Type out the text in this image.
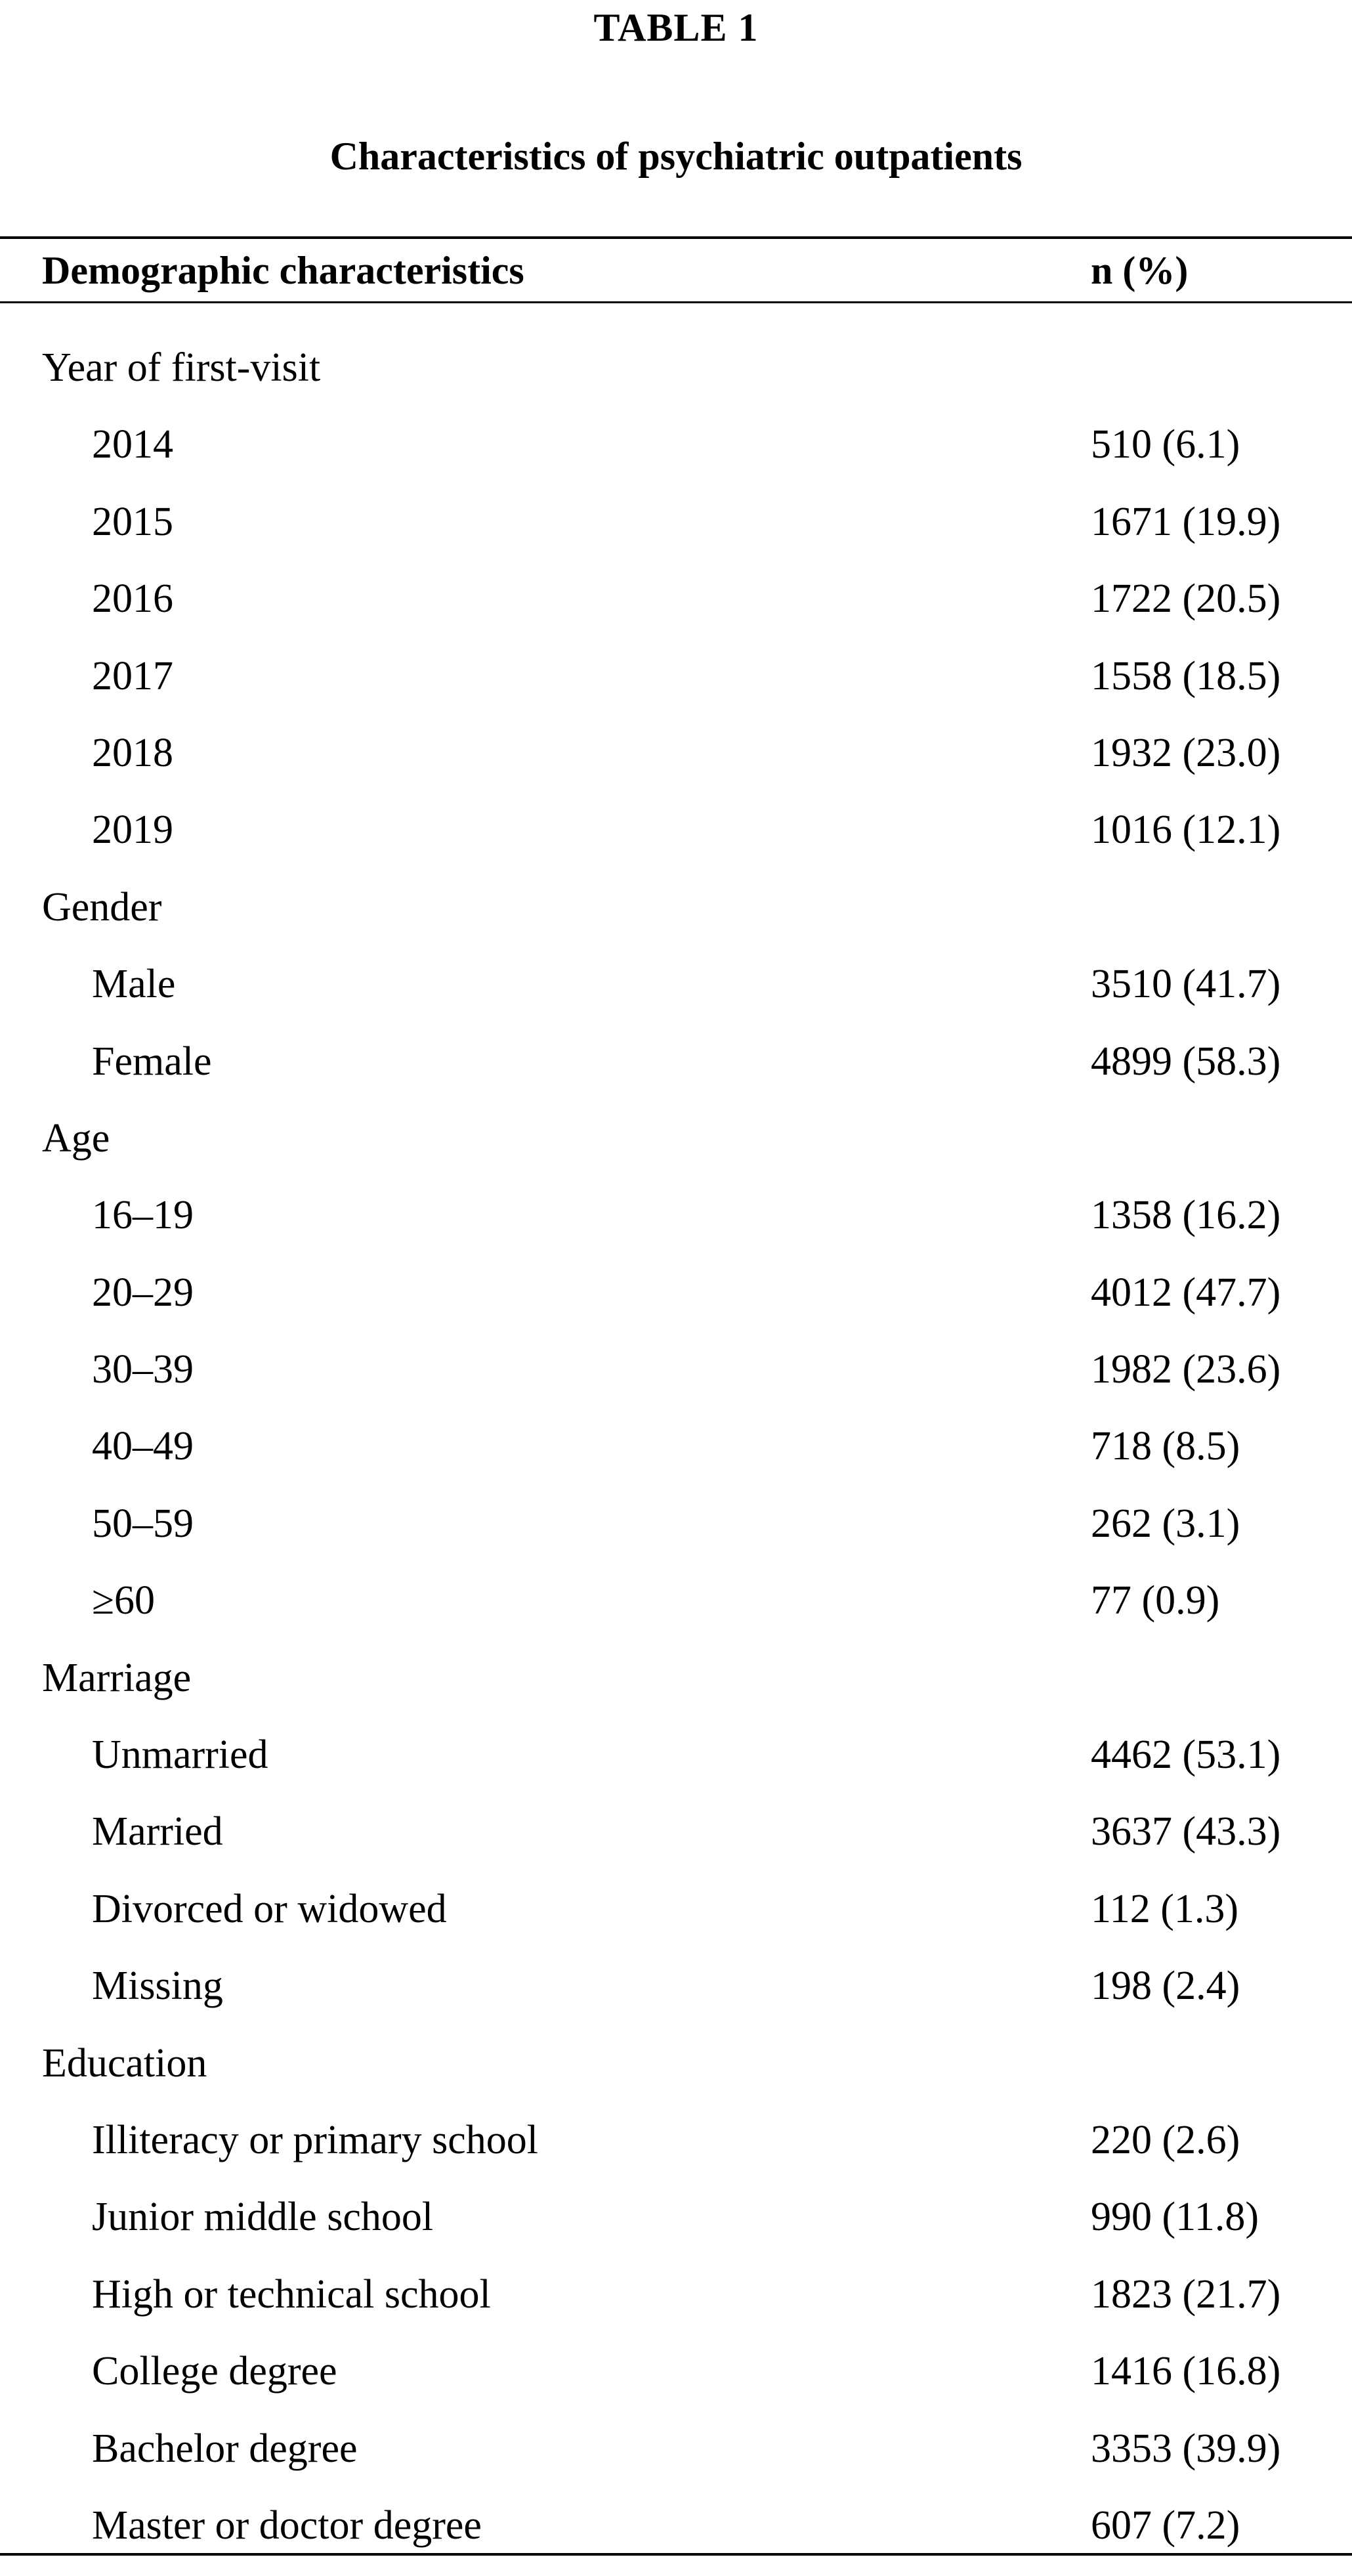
TABLE 1
Characteristics of psychiatric outpatients
Demographic characteristics	n (%)
Year of first-visit
2014	510 (6.1)
2015	1671 (19.9)
2016	1722 (20.5)
2017	1558 (18.5)
2018	1932 (23.0)
2019	1016 (12.1)
Gender
Male	3510 (41.7)
Female	4899 (58.3)
Age
16–19	1358 (16.2)
20–29	4012 (47.7)
30–39	1982 (23.6)
40–49	718 (8.5)
50–59	262 (3.1)
≥60	77 (0.9)
Marriage
Unmarried	4462 (53.1)
Married	3637 (43.3)
Divorced or widowed	112 (1.3)
Missing	198 (2.4)
Education
Illiteracy or primary school	220 (2.6)
Junior middle school	990 (11.8)
High or technical school	1823 (21.7)
College degree	1416 (16.8)
Bachelor degree	3353 (39.9)
Master or doctor degree	607 (7.2)
